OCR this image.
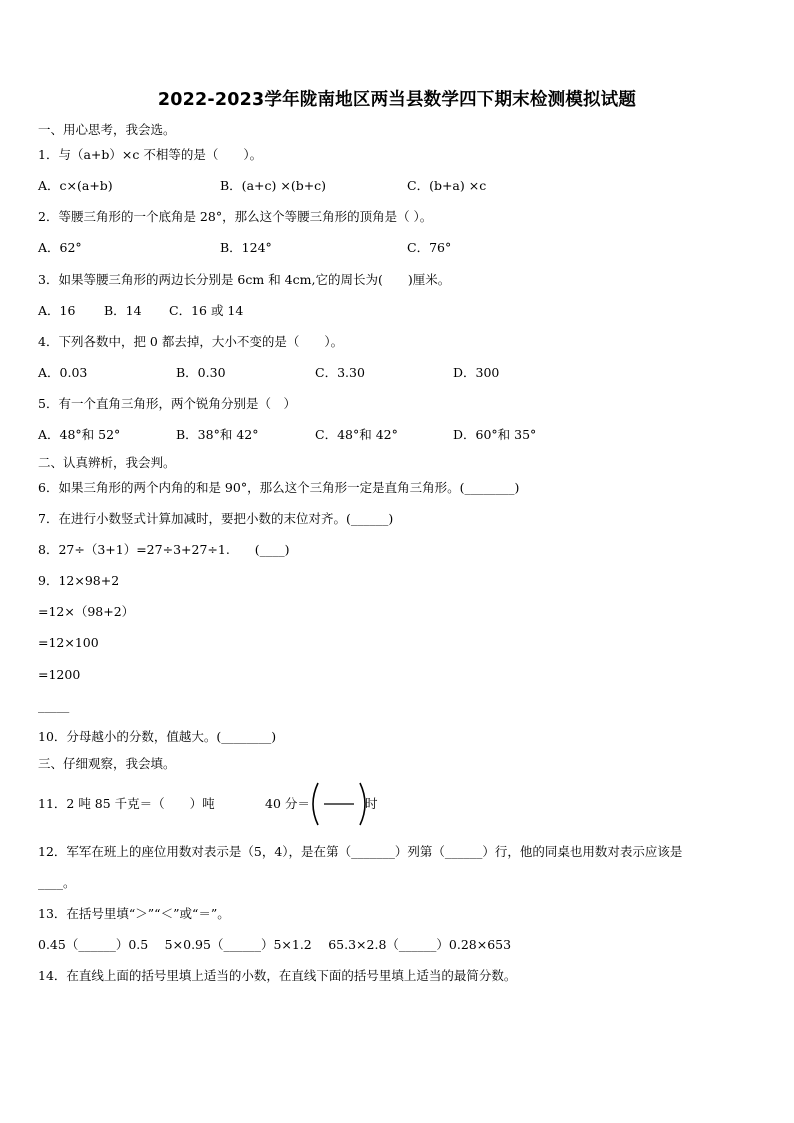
2022-2023学年陇南地区两当县数学四下期末检测模拟试题
一、用心思考，我会选。
1．与（a+b）×c 不相等的是（　　）。
A．c×(a+b)	B．(a+c) ×(b+c)	C．(b+a) ×c
2．等腰三角形的一个底角是 28°，那么这个等腰三角形的顶角是（ ）。
A．62°	B．124°	C．76°
3．如果等腰三角形的两边长分别是 6cm 和 4cm,它的周长为(　　)厘米。
A．16 B．14 C．16 或 14
4．下列各数中，把 0 都去掉，大小不变的是（　　）。
A．0.03	B．0.30	C．3.30	D．300
5．有一个直角三角形，两个锐角分别是（　）
A．48°和 52°	B．38°和 42°	C．48°和 42°	D．60°和 35°
二、认真辨析，我会判。
6．如果三角形的两个内角的和是 90°，那么这个三角形一定是直角三角形。(________)
7．在进行小数竖式计算加减时，要把小数的末位对齐。(______)
8．27÷（3+1）=27÷3+27÷1.　　(____)
9．12×98+2
=12×（98+2）
=12×100
=1200
_____
10．分母越小的分数，值越大。(________)
三、仔细观察，我会填。
11．2 吨 85 千克＝（　　）吨	40 分＝	时
12．军军在班上的座位用数对表示是（5，4），是在第（_______）列第（______）行，他的同桌也用数对表示应该是
____。
13．在括号里填“＞”“＜”或“＝”。
0.45（______）0.5　 5×0.95（______）5×1.2　 65.3×2.8（______）0.28×653
14．在直线上面的括号里填上适当的小数，在直线下面的括号里填上适当的最简分数。
